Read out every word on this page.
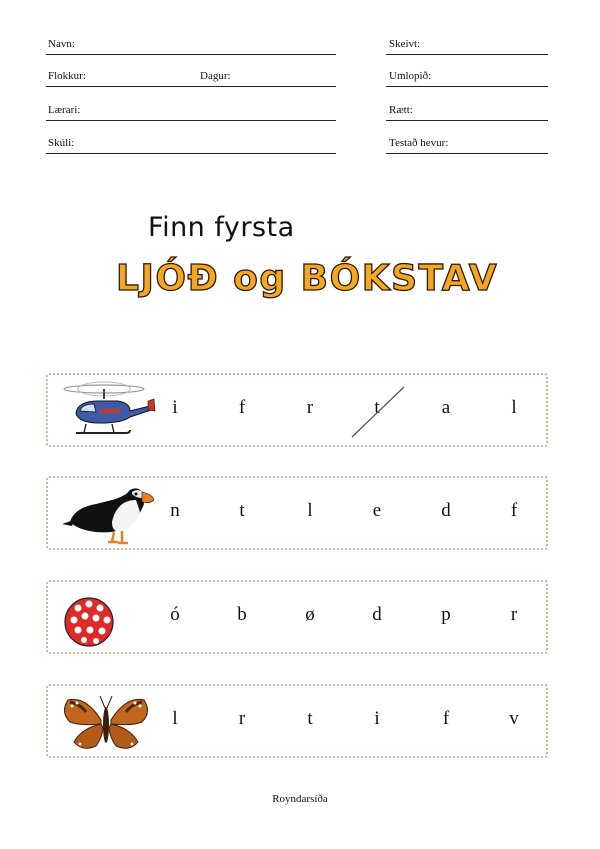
Navn:	Skeivt:
Flokkur:	Dagur:	Umlopið:
Lærari:	Rætt:
Skúli:	Testað hevur:
Finn fyrsta
LJÓÐ og BÓKSTAV
i	f	r	t	a	l
n	t	l	e	d	f
ó	b	ø	d	p	r
l	r	t	i	f	v
Royndarsíða
